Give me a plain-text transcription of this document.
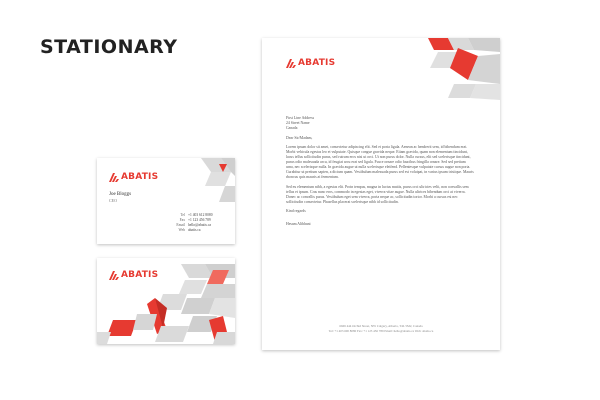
STATIONARY
ABATIS
Joe Bloggs
CEO
Tel +1 403 612 8080
Fax +1 123 456 789
Email hello@abatis.ca
Web abatis.ca
ABATIS
ABATIS

First Line Address
24 Street Name
Canada

Dear Sir/Madam,

Lorem ipsum dolor sit amet, consectetur adipiscing elit. Sed et porta ligula. Aenean ac hendrerit sem, id bibendum erat. Morbi vehicula egestas leo et vulputate. Quisque congue gravida neque. Etiam gravida, quam non elementum tincidunt, lacus tellus sollicitudin purus, sed rutrum eros nisi ut orci. Ut non purus dolor. Nulla cursus, elit sed scelerisque tincidunt, purus odio malesuada arcu, id feugiat arcu erat sed ligula. Fusce ornare odio faucibus fringilla ornare. Sed sed pretium urna, nec scelerisque nulla. In gravida augue ut nulla scelerisque eleifend. Pellentesque vulputate cursus augue non porta. Curabitur ut pretium sapien, a dictum quam. Vestibulum malesuada purus sed est volutpat, in varius ipsum tristique. Mauris rhoncus quis mauris at fermentum.

Sed eu elementum nibh, a egestas elit. Proin tempus, magna in luctus mattis, purus orci ultricies velit, non convallis sem tellus et ipsum. Cras nunc eros, commodo in egestas eget, viverra vitae augue. Nulla ultrices bibendum orci at viverra. Donec ac convallis purus. Vestibulum eget sem viverra, porta neque ac, sollicitudin tortor. Morbi a cursus est nec sollicitudin consectetur. Phasellus placerat scelerisque nibh id sollicitudin.

Kind regards

Hesam Alibhani

6669 444 Orchid Street, NW Calgary, Alberta, T4L 5M2, Canada
Tel: +1 403 600 8080 Fax: +1 123 456 789 Email: hello@abatis.ca Web: abatis.ca
